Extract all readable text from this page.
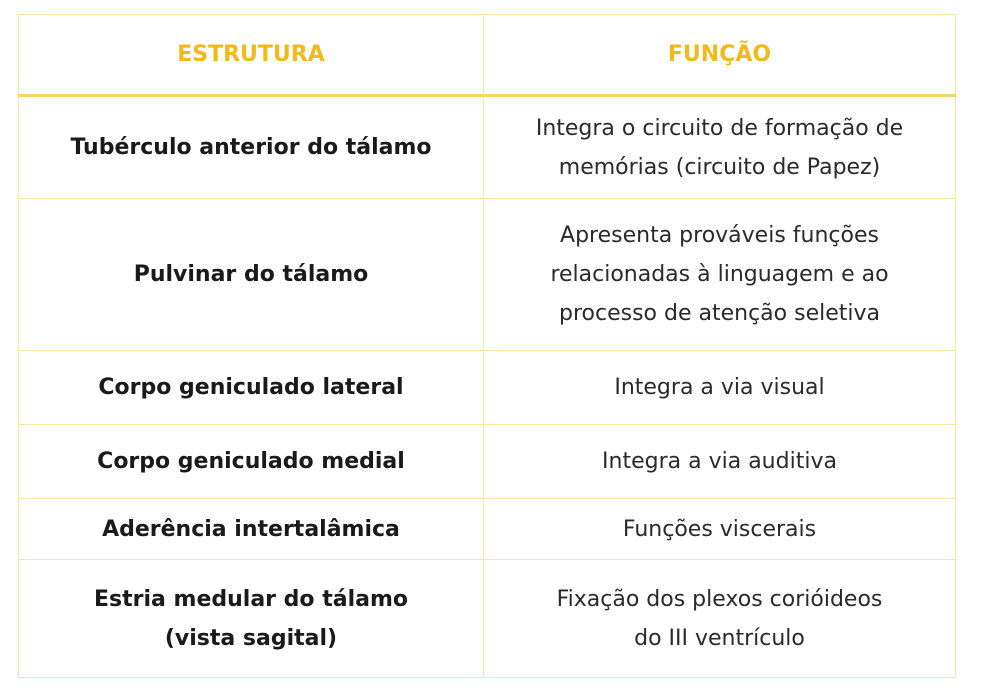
ESTRUTURA	FUNÇÃO

Tubérculo anterior do tálamo	Integra o circuito de formação de
memórias (circuito de Papez)

Pulvinar do tálamo	Apresenta prováveis funções
relacionadas à linguagem e ao
processo de atenção seletiva

Corpo geniculado lateral	Integra a via visual

Corpo geniculado medial	Integra a via auditiva

Aderência intertalâmica	Funções viscerais

Estria medular do tálamo
(vista sagital)	Fixação dos plexos corióideos
do III ventrículo
